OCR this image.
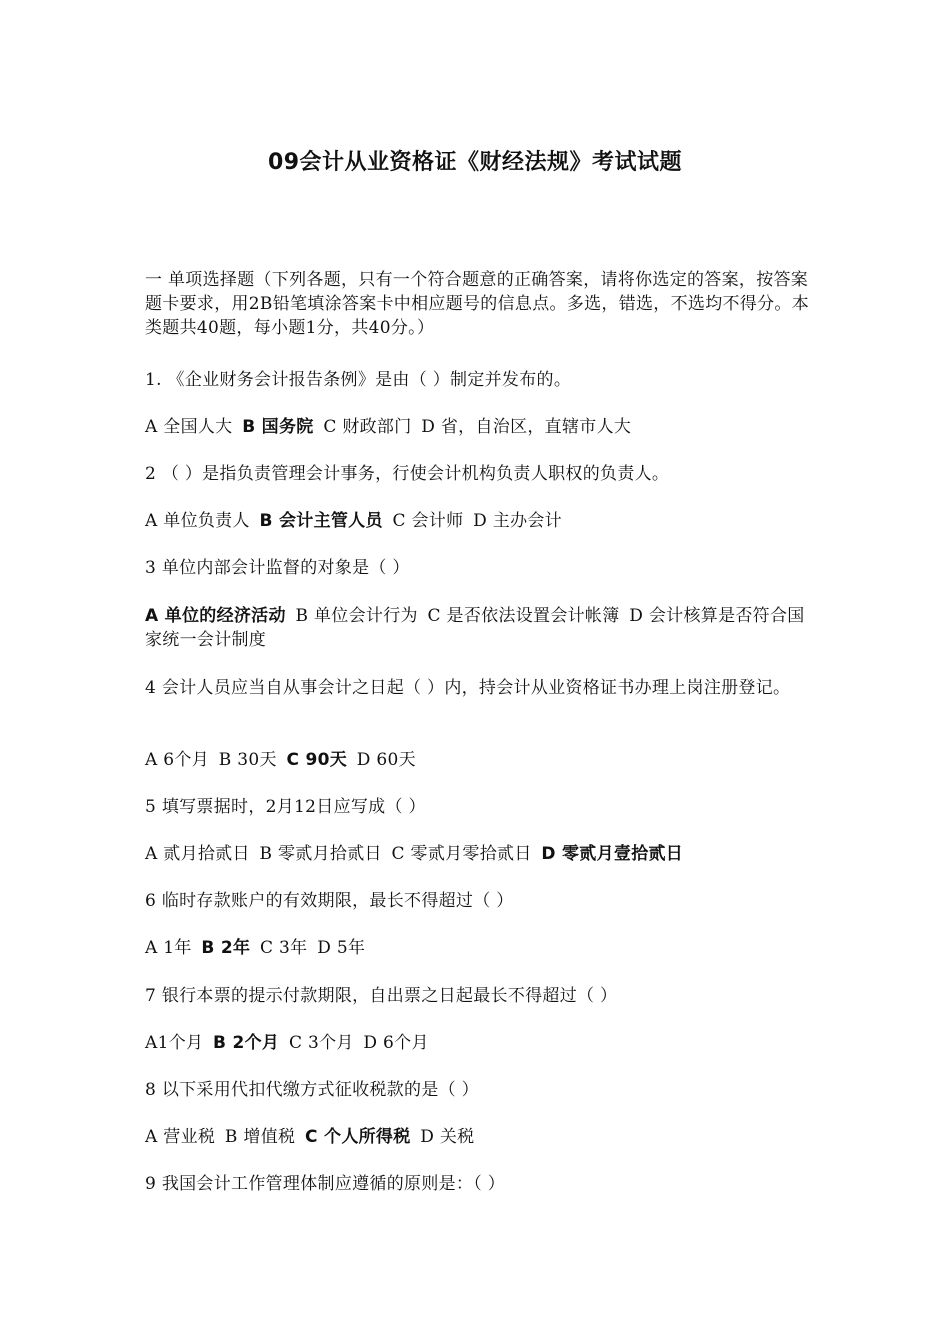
09会计从业资格证《财经法规》考试试题
一 单项选择题（下列各题，只有一个符合题意的正确答案，请将你选定的答案，按答案题卡要求，用2B铅笔填涂答案卡中相应题号的信息点。多选，错选，不选均不得分。本类题共40题，每小题1分，共40分。）
1. 《企业财务会计报告条例》是由（ ）制定并发布的。
A 全国人大 B 国务院 C 财政部门 D 省，自治区，直辖市人大
2 （ ）是指负责管理会计事务，行使会计机构负责人职权的负责人。
A 单位负责人 B 会计主管人员 C 会计师 D 主办会计
3 单位内部会计监督的对象是（ ）
A 单位的经济活动 B 单位会计行为 C 是否依法设置会计帐簿 D 会计核算是否符合国家统一会计制度
4 会计人员应当自从事会计之日起（ ）内，持会计从业资格证书办理上岗注册登记。
A 6个月 B 30天 C 90天 D 60天
5 填写票据时，2月12日应写成（ ）
A 贰月拾贰日 B 零贰月拾贰日 C 零贰月零拾贰日 D 零贰月壹拾贰日
6 临时存款账户的有效期限，最长不得超过（ ）
A 1年 B 2年 C 3年 D 5年
7 银行本票的提示付款期限，自出票之日起最长不得超过（ ）
A1个月 B 2个月 C 3个月 D 6个月
8 以下采用代扣代缴方式征收税款的是（ ）
A 营业税 B 增值税 C 个人所得税 D 关税
9 我国会计工作管理体制应遵循的原则是：（ ）
